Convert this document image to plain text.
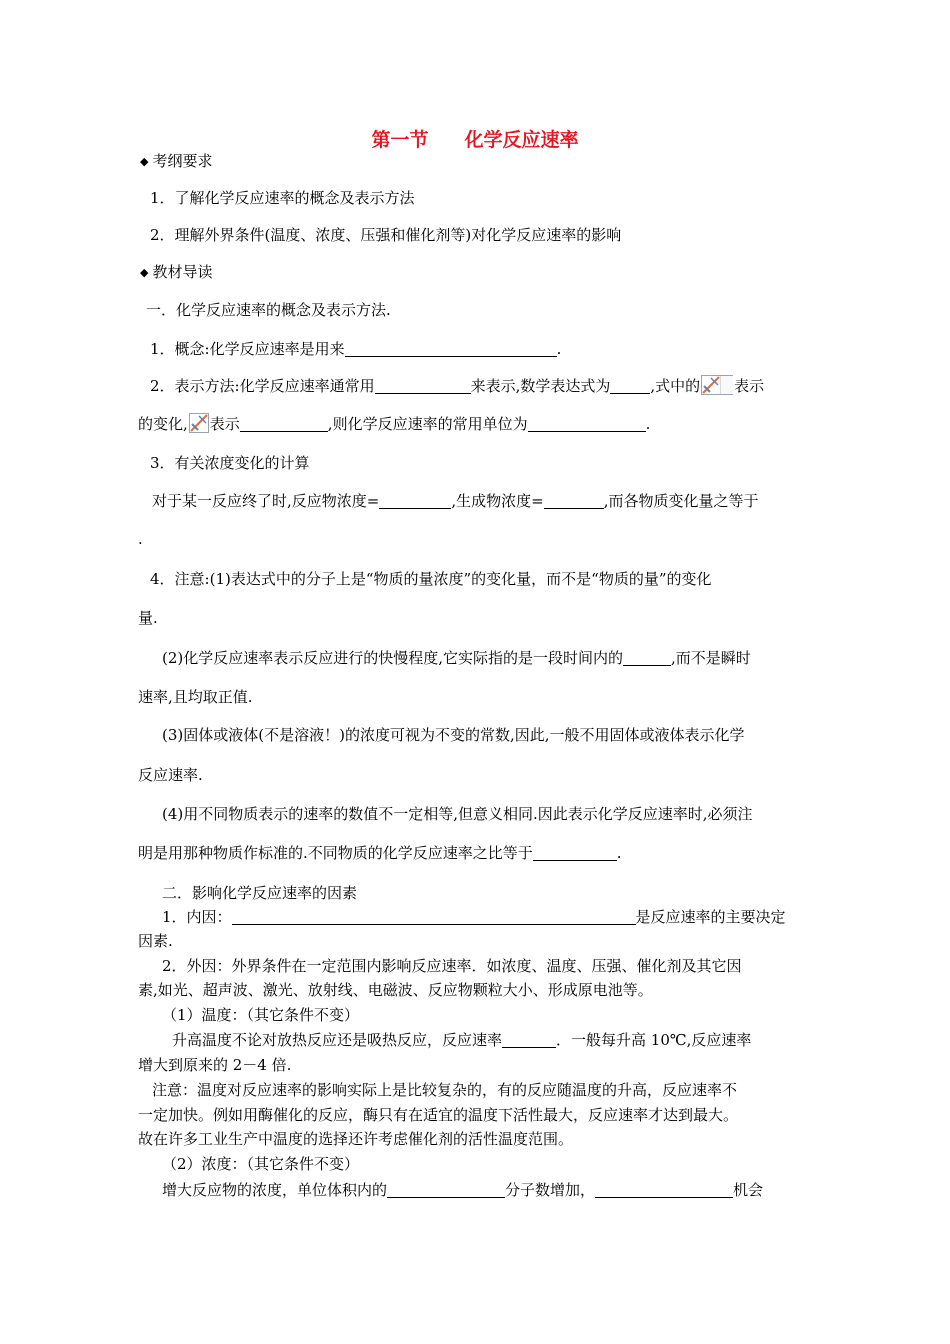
第一节 化学反应速率
◆ 考纲要求
1．了解化学反应速率的概念及表示方法
2．理解外界条件(温度、浓度、压强和催化剂等)对化学反应速率的影响
◆ 教材导读
一．化学反应速率的概念及表示方法.
1．概念:化学反应速率是用来	.
2．表示方法:化学反应速率通常用	来表示,数学表达式为	,式中的 表示
的变化, 表示	,则化学反应速率的常用单位为	.
3．有关浓度变化的计算
对于某一反应终了时,反应物浓度=	,生成物浓度=	,而各物质变化量之等于
.
4．注意:(1)表达式中的分子上是“物质的量浓度”的变化量，而不是“物质的量”的变化
量.
(2)化学反应速率表示反应进行的快慢程度,它实际指的是一段时间内的	,而不是瞬时
速率,且均取正值.
(3)固体或液体(不是溶液！)的浓度可视为不变的常数,因此,一般不用固体或液体表示化学
反应速率.
(4)用不同物质表示的速率的数值不一定相等,但意义相同.因此表示化学反应速率时,必须注
明是用那种物质作标准的.不同物质的化学反应速率之比等于	.
二．影响化学反应速率的因素
1．内因：	是反应速率的主要决定
因素.
2．外因：外界条件在一定范围内影响反应速率．如浓度、温度、压强、催化剂及其它因
素,如光、超声波、激光、放射线、电磁波、反应物颗粒大小、形成原电池等。
（1）温度：（其它条件不变）
升高温度不论对放热反应还是吸热反应，反应速率	．一般每升高 10℃,反应速率
增大到原来的 2－4 倍.
注意：温度对反应速率的影响实际上是比较复杂的，有的反应随温度的升高，反应速率不
一定加快。例如用酶催化的反应，酶只有在适宜的温度下活性最大，反应速率才达到最大。
故在许多工业生产中温度的选择还许考虑催化剂的活性温度范围。
（2）浓度：（其它条件不变）
增大反应物的浓度，单位体积内的	分子数增加，	机会
